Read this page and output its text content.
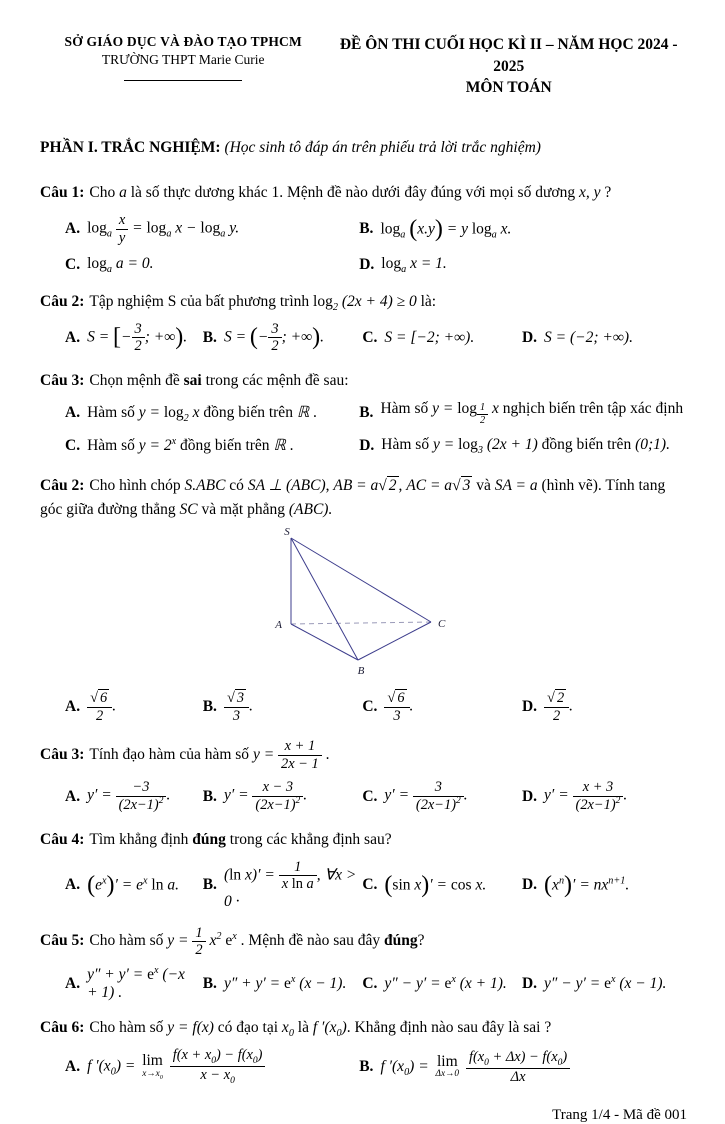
SỞ GIÁO DỤC VÀ ĐÀO TẠO TPHCM
TRƯỜNG THPT Marie Curie
ĐỀ ÔN THI CUỐI HỌC KÌ II – NĂM HỌC 2024 - 2025
MÔN TOÁN
PHẦN I. TRẮC NGHIỆM: (Học sinh tô đáp án trên phiếu trả lời trắc nghiệm)
Câu 1: Cho a là số thực dương khác 1. Mệnh đề nào dưới đây đúng với mọi số dương x, y ?
A. $\log_a \frac{x}{y} = \log_a x - \log_a y$.	B. $\log_a (x.y) = y$ $\log_a x$.
C. $\log_a a = 0$.	D. $\log_a x = 1$.
Câu 2: Tập nghiệm S của bất phương trình $\log_2 (2x + 4) \ge 0$ là:
A. S = [− $\frac{3}{2}$ ; +∞). B. S = (− $\frac{3}{2}$ ; +∞). C. S = [−2; +∞).	D. S = (−2; +∞).
Câu 3: Chọn mệnh đề sai trong các mệnh đề sau:
A. Hàm số $y = \log_2 x$ đồng biến trên ℝ .	B. Hàm số y = log $_{\frac{1}{2}}$ x nghịch biến trên tập xác định
C. Hàm số $y = 2^x$ đồng biến trên ℝ .	D. Hàm số $y = \log_3 (2x + 1)$ đồng biến trên (0;1).
Câu 2: Cho hình chóp S.ABC có SA ⊥ (ABC), AB = a√ 2 , AC = a√ 3 và SA = a (hình vẽ). Tính tang góc giữa đường thẳng SC và mặt phẳng (ABC).
S
A
B
C
A. $\frac{√ 6}{2}$ .	B. $\frac{√ 3}{3}$ .	C. $\frac{√ 6}{3}$ .	D. $\frac{√ 2}{2}$ .
Câu 3: Tính đạo hàm của hàm số $y = \frac{x + 1}{2x - 1}$ .
A. $y' = \frac{-3}{(2x-1)^2}$ . B. $y' = \frac{x - 3}{(2x-1)^2}$ .	C. $y' = \frac{3}{(2x-1)^2}$ .	D. $y' = \frac{x + 3}{(2x-1)^2}$ .
Câu 4: Tìm khẳng định đúng trong các khẳng định sau?
A. $(e^x)' = e^x$ ln a. B.
(ln $x)' = \frac{1}{\text{x ln a}}$ , ∀x > 0 ·
C. (sin x)′ = cos x. D. $(x^n)' = nx^{n+1}$.
Câu 5: Cho hàm số $y = \frac{1}{2} x^2$ $e^x$ . Mệnh đề nào sau đây đúng?
A.
$y'' + y' = e^x$ (−x + 1) .
B. $y'' + y' = e^x$ (x − 1). C. $y'' - y' = e^x$ (x + 1). D. $y'' - y' = e^x$ (x − 1).
Câu 6: Cho hàm số y = f(x) có đạo tại $x_0$ là f $'(x_0)$. Khẳng định nào sau đây là sai ?
A. f $'(x_0) = \lim$
$x\to x_0$
$\frac{f(x + x_0) - f(x_0)}{x - x_0}$	B. f $'(x_0) = \lim$
Δx→0
$\frac{f(x_0 + \Delta x) - f(x_0)}{\Delta x}$
Trang 1/4 - Mã đề 001
